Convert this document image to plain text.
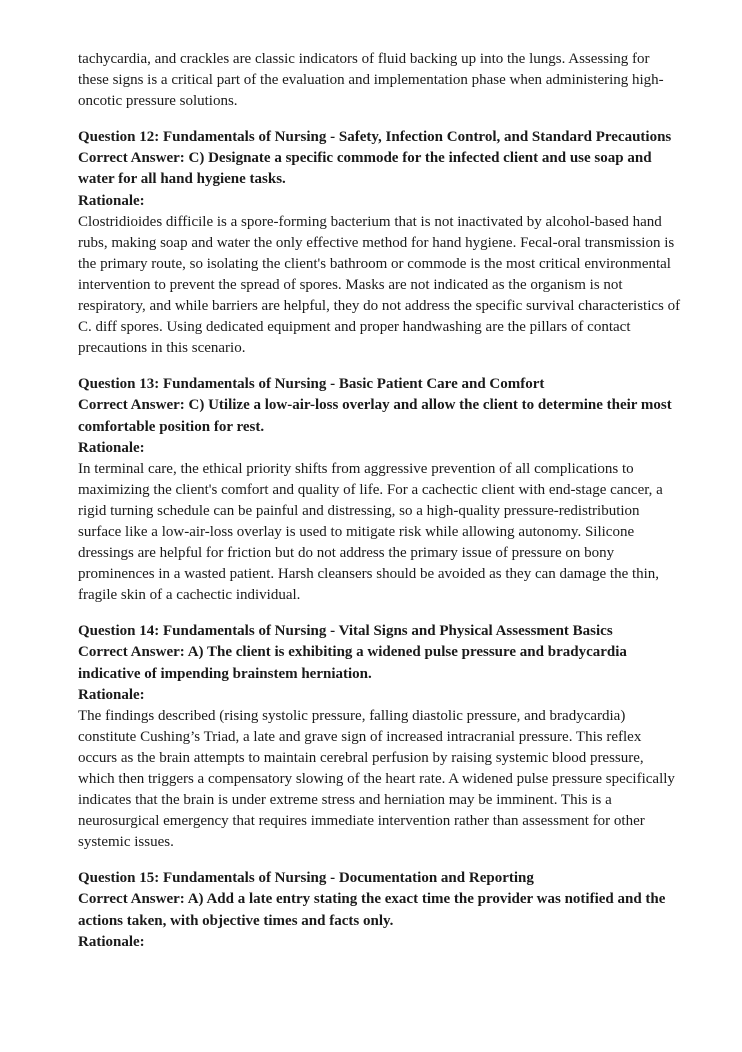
tachycardia, and crackles are classic indicators of fluid backing up into the lungs. Assessing for these signs is a critical part of the evaluation and implementation phase when administering high-oncotic pressure solutions.

Question 12: Fundamentals of Nursing - Safety, Infection Control, and Standard Precautions

Correct Answer: C) Designate a specific commode for the infected client and use soap and water for all hand hygiene tasks.

Rationale:

Clostridioides difficile is a spore-forming bacterium that is not inactivated by alcohol-based hand rubs, making soap and water the only effective method for hand hygiene. Fecal-oral transmission is the primary route, so isolating the client's bathroom or commode is the most critical environmental intervention to prevent the spread of spores. Masks are not indicated as the organism is not respiratory, and while barriers are helpful, they do not address the specific survival characteristics of C. diff spores. Using dedicated equipment and proper handwashing are the pillars of contact precautions in this scenario.

Question 13: Fundamentals of Nursing - Basic Patient Care and Comfort

Correct Answer: C) Utilize a low-air-loss overlay and allow the client to determine their most comfortable position for rest.

Rationale:

In terminal care, the ethical priority shifts from aggressive prevention of all complications to maximizing the client's comfort and quality of life. For a cachectic client with end-stage cancer, a rigid turning schedule can be painful and distressing, so a high-quality pressure-redistribution surface like a low-air-loss overlay is used to mitigate risk while allowing autonomy. Silicone dressings are helpful for friction but do not address the primary issue of pressure on bony prominences in a wasted patient. Harsh cleansers should be avoided as they can damage the thin, fragile skin of a cachectic individual.

Question 14: Fundamentals of Nursing - Vital Signs and Physical Assessment Basics

Correct Answer: A) The client is exhibiting a widened pulse pressure and bradycardia indicative of impending brainstem herniation.

Rationale:

The findings described (rising systolic pressure, falling diastolic pressure, and bradycardia) constitute Cushing’s Triad, a late and grave sign of increased intracranial pressure. This reflex occurs as the brain attempts to maintain cerebral perfusion by raising systemic blood pressure, which then triggers a compensatory slowing of the heart rate. A widened pulse pressure specifically indicates that the brain is under extreme stress and herniation may be imminent. This is a neurosurgical emergency that requires immediate intervention rather than assessment for other systemic issues.

Question 15: Fundamentals of Nursing - Documentation and Reporting

Correct Answer: A) Add a late entry stating the exact time the provider was notified and the actions taken, with objective times and facts only.

Rationale:
